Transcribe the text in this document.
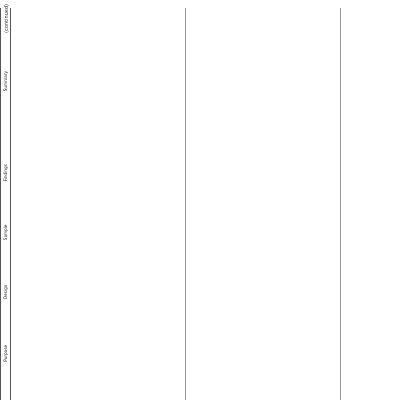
(continued)
	Purpose	Design	Sample	Findings	Summary
